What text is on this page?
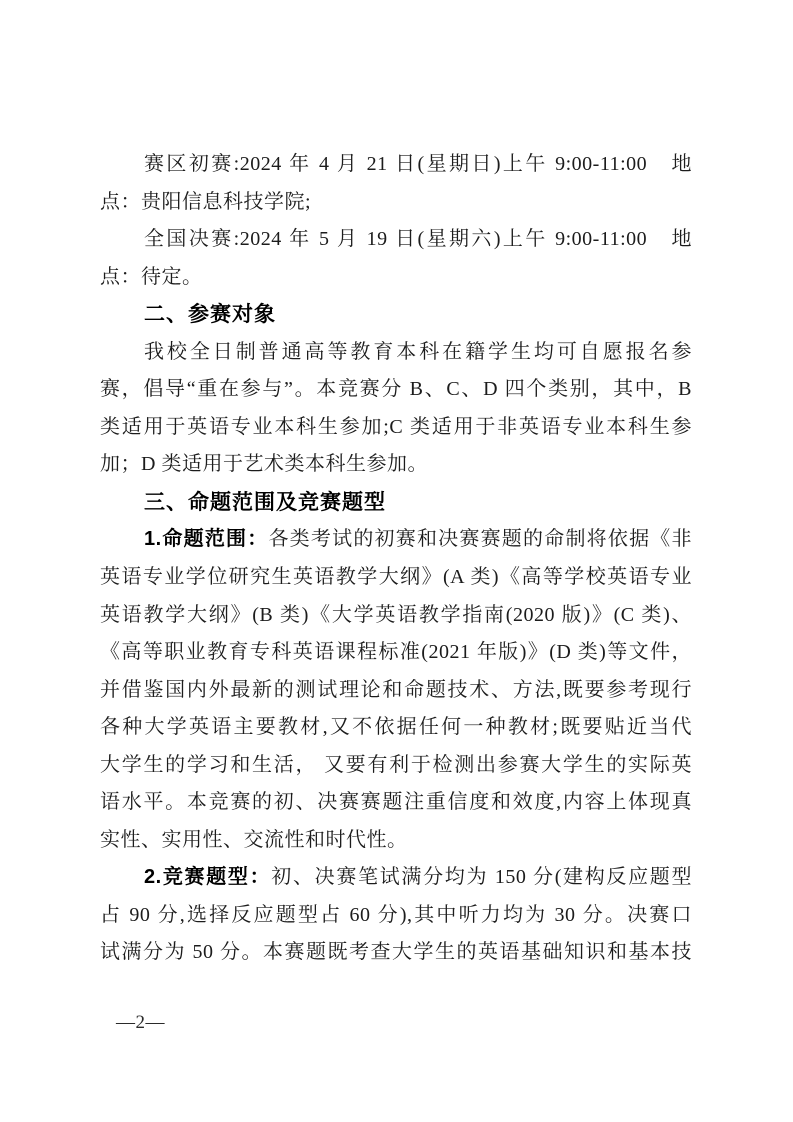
赛区初赛:2024 年 4 月 21 日(星期日)上午 9:00-11:00　地
点：贵阳信息科技学院;
全国决赛:2024 年 5 月 19 日(星期六)上午 9:00-11:00　地
点：待定。
二、参赛对象
我校全日制普通高等教育本科在籍学生均可自愿报名参
赛，倡导“重在参与”。本竞赛分 B、C、D 四个类别，其中，B
类适用于英语专业本科生参加;C 类适用于非英语专业本科生参
加；D 类适用于艺术类本科生参加。
三、命题范围及竞赛题型
1.命题范围：各类考试的初赛和决赛赛题的命制将依据《非
英语专业学位研究生英语教学大纲》(A 类)《高等学校英语专业
英语教学大纲》(B 类)《大学英语教学指南(2020 版)》(C 类)、
《高等职业教育专科英语课程标准(2021 年版)》(D 类)等文件，
并借鉴国内外最新的测试理论和命题技术、方法,既要参考现行
各种大学英语主要教材,又不依据任何一种教材;既要贴近当代
大学生的学习和生活， 又要有利于检测出参赛大学生的实际英
语水平。本竞赛的初、决赛赛题注重信度和效度,内容上体现真
实性、实用性、交流性和时代性。
2.竞赛题型：初、决赛笔试满分均为 150 分(建构反应题型
占 90 分,选择反应题型占 60 分),其中听力均为 30 分。决赛口
试满分为 50 分。本赛题既考查大学生的英语基础知识和基本技
—2—
